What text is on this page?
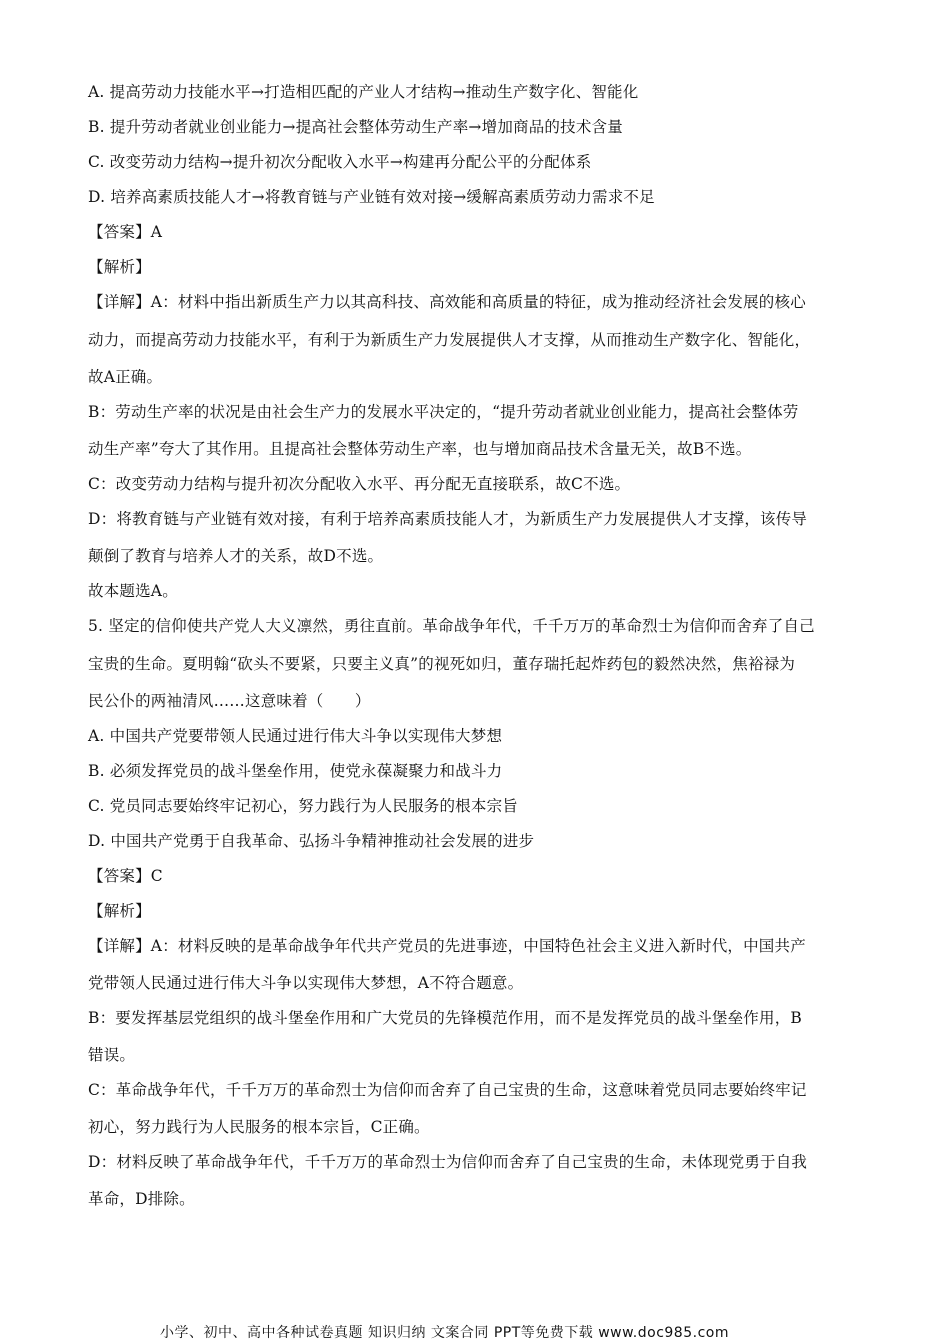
A. 提高劳动力技能水平→打造相匹配的产业人才结构→推动生产数字化、智能化
B. 提升劳动者就业创业能力→提高社会整体劳动生产率→增加商品的技术含量
C. 改变劳动力结构→提升初次分配收入水平→构建再分配公平的分配体系
D. 培养高素质技能人才→将教育链与产业链有效对接→缓解高素质劳动力需求不足
【答案】A
【解析】
【详解】A：材料中指出新质生产力以其高科技、高效能和高质量的特征，成为推动经济社会发展的核心
动力，而提高劳动力技能水平，有利于为新质生产力发展提供人才支撑，从而推动生产数字化、智能化，
故A正确。
B：劳动生产率的状况是由社会生产力的发展水平决定的，“提升劳动者就业创业能力，提高社会整体劳
动生产率”夸大了其作用。且提高社会整体劳动生产率，也与增加商品技术含量无关，故B不选。
C：改变劳动力结构与提升初次分配收入水平、再分配无直接联系，故C不选。
D：将教育链与产业链有效对接，有利于培养高素质技能人才，为新质生产力发展提供人才支撑，该传导
颠倒了教育与培养人才的关系，故D不选。
故本题选A。
5. 坚定的信仰使共产党人大义凛然，勇往直前。革命战争年代，千千万万的革命烈士为信仰而舍弃了自己
宝贵的生命。夏明翰“砍头不要紧，只要主义真”的视死如归，董存瑞托起炸药包的毅然决然，焦裕禄为
民公仆的两袖清风……这意味着（　　）
A. 中国共产党要带领人民通过进行伟大斗争以实现伟大梦想
B. 必须发挥党员的战斗堡垒作用，使党永葆凝聚力和战斗力
C. 党员同志要始终牢记初心，努力践行为人民服务的根本宗旨
D. 中国共产党勇于自我革命、弘扬斗争精神推动社会发展的进步
【答案】C
【解析】
【详解】A：材料反映的是革命战争年代共产党员的先进事迹，中国特色社会主义进入新时代，中国共产
党带领人民通过进行伟大斗争以实现伟大梦想，A不符合题意。
B：要发挥基层党组织的战斗堡垒作用和广大党员的先锋模范作用，而不是发挥党员的战斗堡垒作用，B
错误。
C：革命战争年代，千千万万的革命烈士为信仰而舍弃了自己宝贵的生命，这意味着党员同志要始终牢记
初心，努力践行为人民服务的根本宗旨，C正确。
D：材料反映了革命战争年代，千千万万的革命烈士为信仰而舍弃了自己宝贵的生命，未体现党勇于自我
革命，D排除。
小学、初中、高中各种试卷真题 知识归纳 文案合同 PPT等免费下载 www.doc985.com
